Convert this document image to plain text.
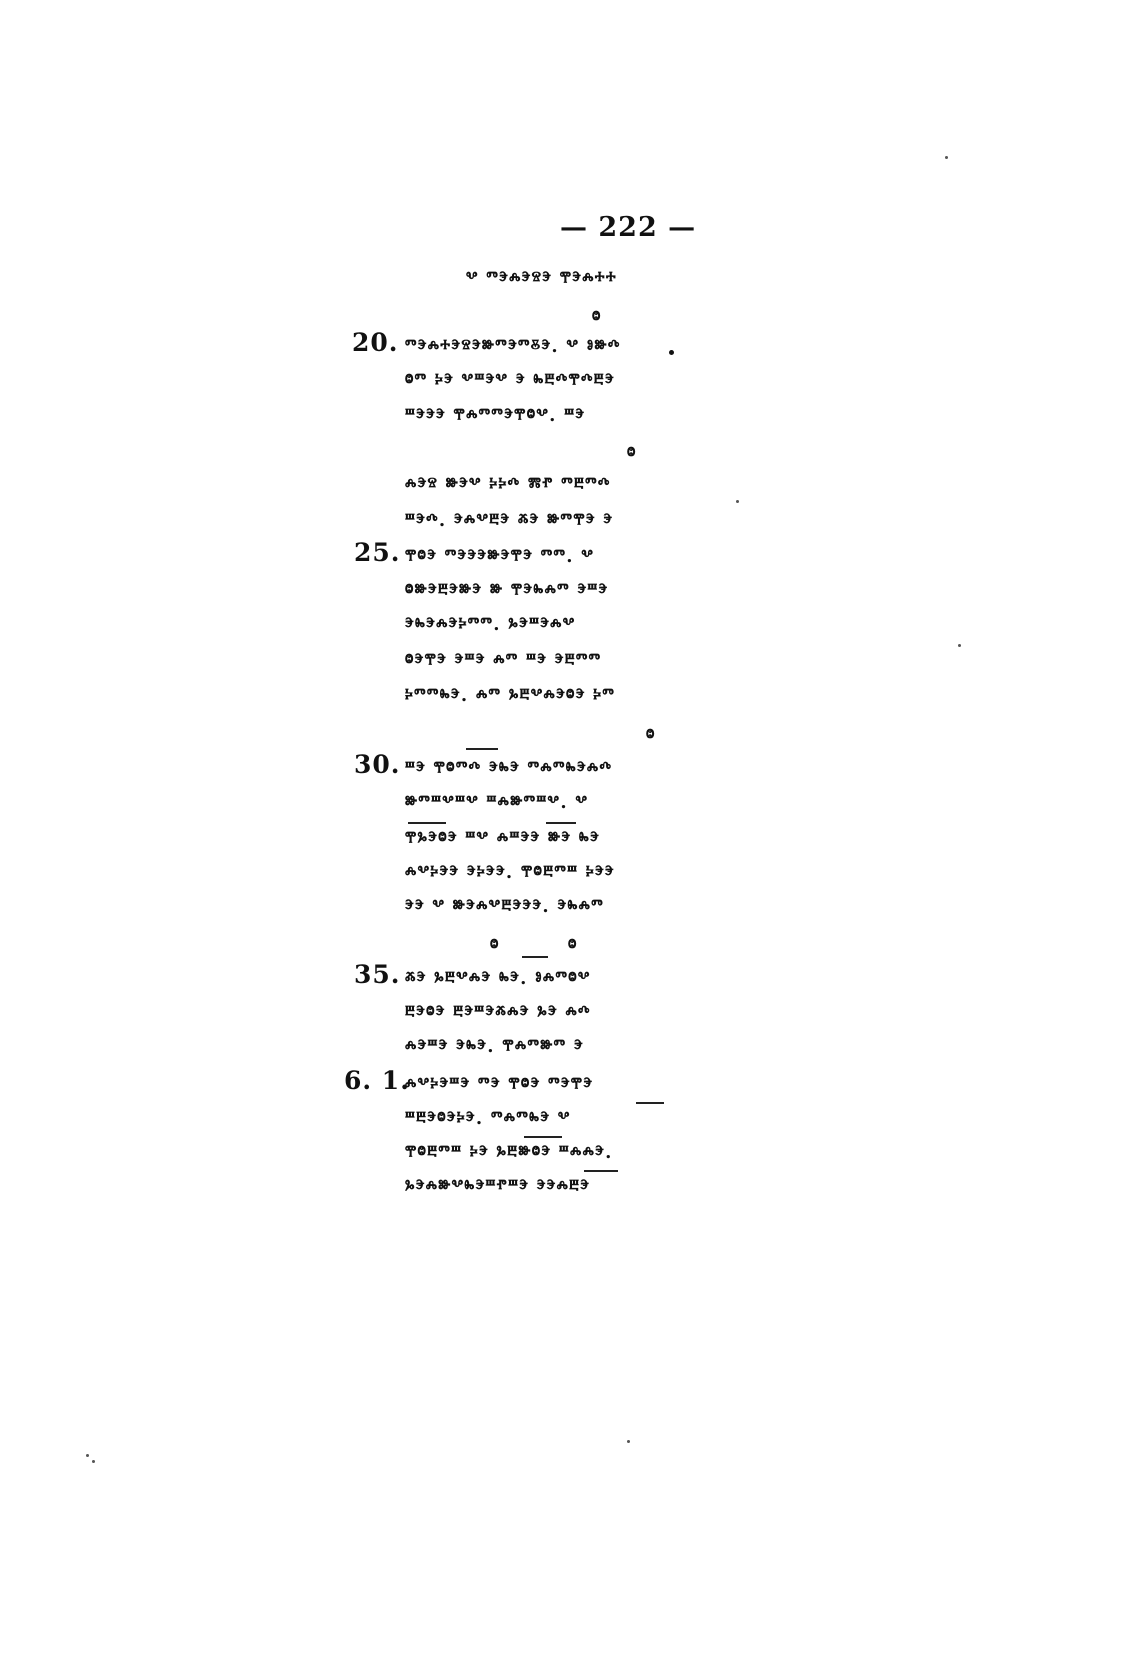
— 222 —
ⰲ ⱅⰵⰾⰵⱄⰵ ⰹⰵⰾⰰⰰ
ⱉ
20. ⱅⰵⰾⰰⰵⱄⰵⱆⱅⰵⱅⰻⰵ. ⰲ ⱁⱆⰴ
ⱉⱅ ⰽⰵ ⰲⱎⰵⰲ ⰵ ⰸⰱⰴⰹⰴⰱⰵ
ⱎⰵⰵⰵ ⰹⰾⱅⱅⰵⰹⱉⰲ. ⱎⰵ
ⱉ
ⰾⰵⱄ ⱆⰵⰲ ⰽⰽⰴ ⰿⱂ ⱅⰱⱅⰴ
ⱎⰵⰴ. ⰵⰾⰲⰱⰵ ⰶⰵ ⱆⱅⰹⰵ ⰵ
25. ⰹⱉⰵ ⱅⰵⰵⰵⱆⰵⰹⰵ ⱅⱅ. ⰲ
ⱉⱆⰵⰱⰵⱆⰵ ⱆ ⰹⰵⰸⰾⱅ ⰵⱎⰵ
ⰵⰸⰵⰾⰵⰽⱅⱅ. ⰳⰵⱎⰵⰾⰲ
ⱉⰵⰹⰵ ⰵⱎⰵ ⰾⱅ ⱎⰵ ⰵⰱⱅⱅ
ⰽⱅⱅⰸⰵ. ⰾⱅ ⰳⰱⰲⰾⰵⱉⰵ ⰽⱅ
ⱉ
30. ⱎⰵ ⰹⱉⱅⰴ ⰵⰸⰵ ⱅⰾⱅⰸⰵⰾⰴ
ⱆⱅⱎⰲⱎⰲ ⱎⰾⱆⱅⱎⰲ. ⰲ
ⰹⰳⰵⱉⰵ ⱎⰲ ⰾⱎⰵⰵ ⱆⰵ ⰸⰵ
ⰾⰲⰽⰵⰵ ⰵⰽⰵⰵ. ⰹⱉⰱⱅⱎ ⰽⰵⰵ
ⰵⰵ ⰲ ⱆⰵⰾⰲⰱⰵⰵⰵ. ⰵⰸⰾⱅ
ⱉ	ⱉ
35. ⰶⰵ ⰳⰱⰲⰾⰵ ⰸⰵ. ⱁⰾⱅⱉⰲ
ⰱⰵⱉⰵ ⰱⰵⱎⰵⰶⰾⰵ ⰳⰵ ⰾⰴ
ⰾⰵⱎⰵ ⰵⰸⰵ. ⰹⰾⱅⱆⱅ ⰵ
6. 1.
ⰾⰲⰽⰵⱎⰵ ⱅⰵ ⰹⱉⰵ ⱅⰵⰹⰵ
ⱎⰱⰵⱉⰵⰽⰵ. ⱅⰾⱅⰸⰵ ⰲ
ⰹⱉⰱⱅⱎ ⰽⰵ ⰳⰱⱆⱉⰵ ⱎⰾⰾⰵ.
ⰳⰵⰾⱆⰲⰸⰵⱎⱂⱎⰵ ⰵⰵⰾⰱⰵ
